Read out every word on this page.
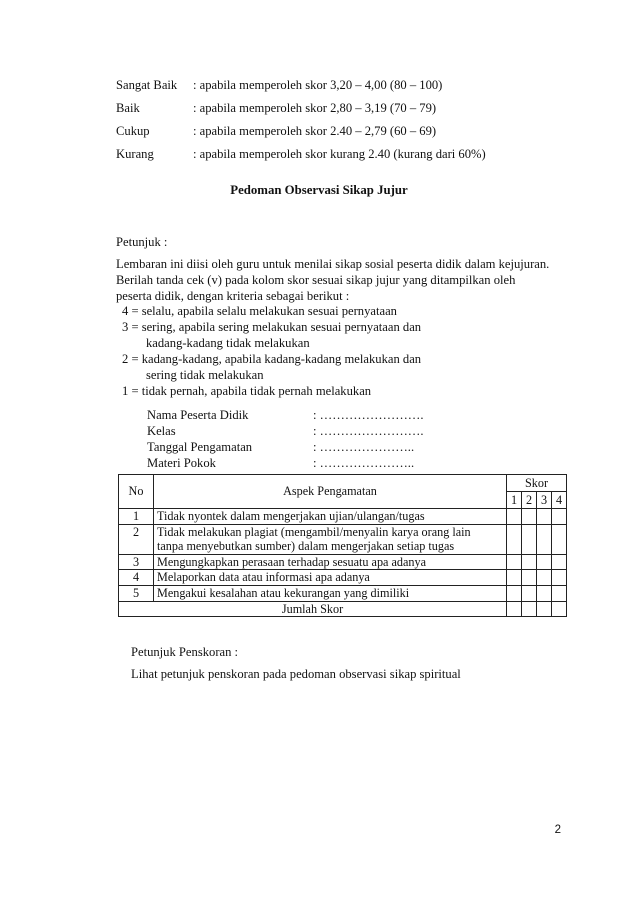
Sangat Baik : apabila memperoleh skor 3,20 – 4,00 (80 – 100)
Baik	: apabila memperoleh skor 2,80 – 3,19 (70 – 79)
Cukup	: apabila memperoleh skor 2.40 – 2,79 (60 – 69)
Kurang	: apabila memperoleh skor kurang 2.40 (kurang dari 60%)
Pedoman Observasi Sikap Jujur
Petunjuk :
Lembaran ini diisi oleh guru untuk menilai sikap sosial peserta didik dalam kejujuran.
Berilah tanda cek (v) pada kolom skor sesuai sikap jujur yang ditampilkan oleh
peserta didik, dengan kriteria sebagai berikut :
4 = selalu, apabila selalu melakukan sesuai pernyataan
3 = sering, apabila sering melakukan sesuai pernyataan dan
kadang-kadang tidak melakukan
2 = kadang-kadang, apabila kadang-kadang melakukan dan
sering tidak melakukan
1 = tidak pernah, apabila tidak pernah melakukan
Nama Peserta Didik	: …………………….
Kelas	: …………………….
Tanggal Pengamatan	: …………………..
Materi Pokok	: …………………..
No	Aspek Pengamatan	Skor			
		1	2	3	4
1	Tidak nyontek dalam mengerjakan ujian/ulangan/tugas				
2	Tidak melakukan plagiat (mengambil/menyalin karya orang lain
tanpa menyebutkan sumber) dalam mengerjakan setiap tugas				

3	Mengungkapkan perasaan terhadap sesuatu apa adanya				
4	Melaporkan data atau informasi apa adanya				
5	Mengakui kesalahan atau kekurangan yang dimiliki				
Jumlah Skor					
Petunjuk Penskoran :
Lihat petunjuk penskoran pada pedoman observasi sikap spiritual
2
